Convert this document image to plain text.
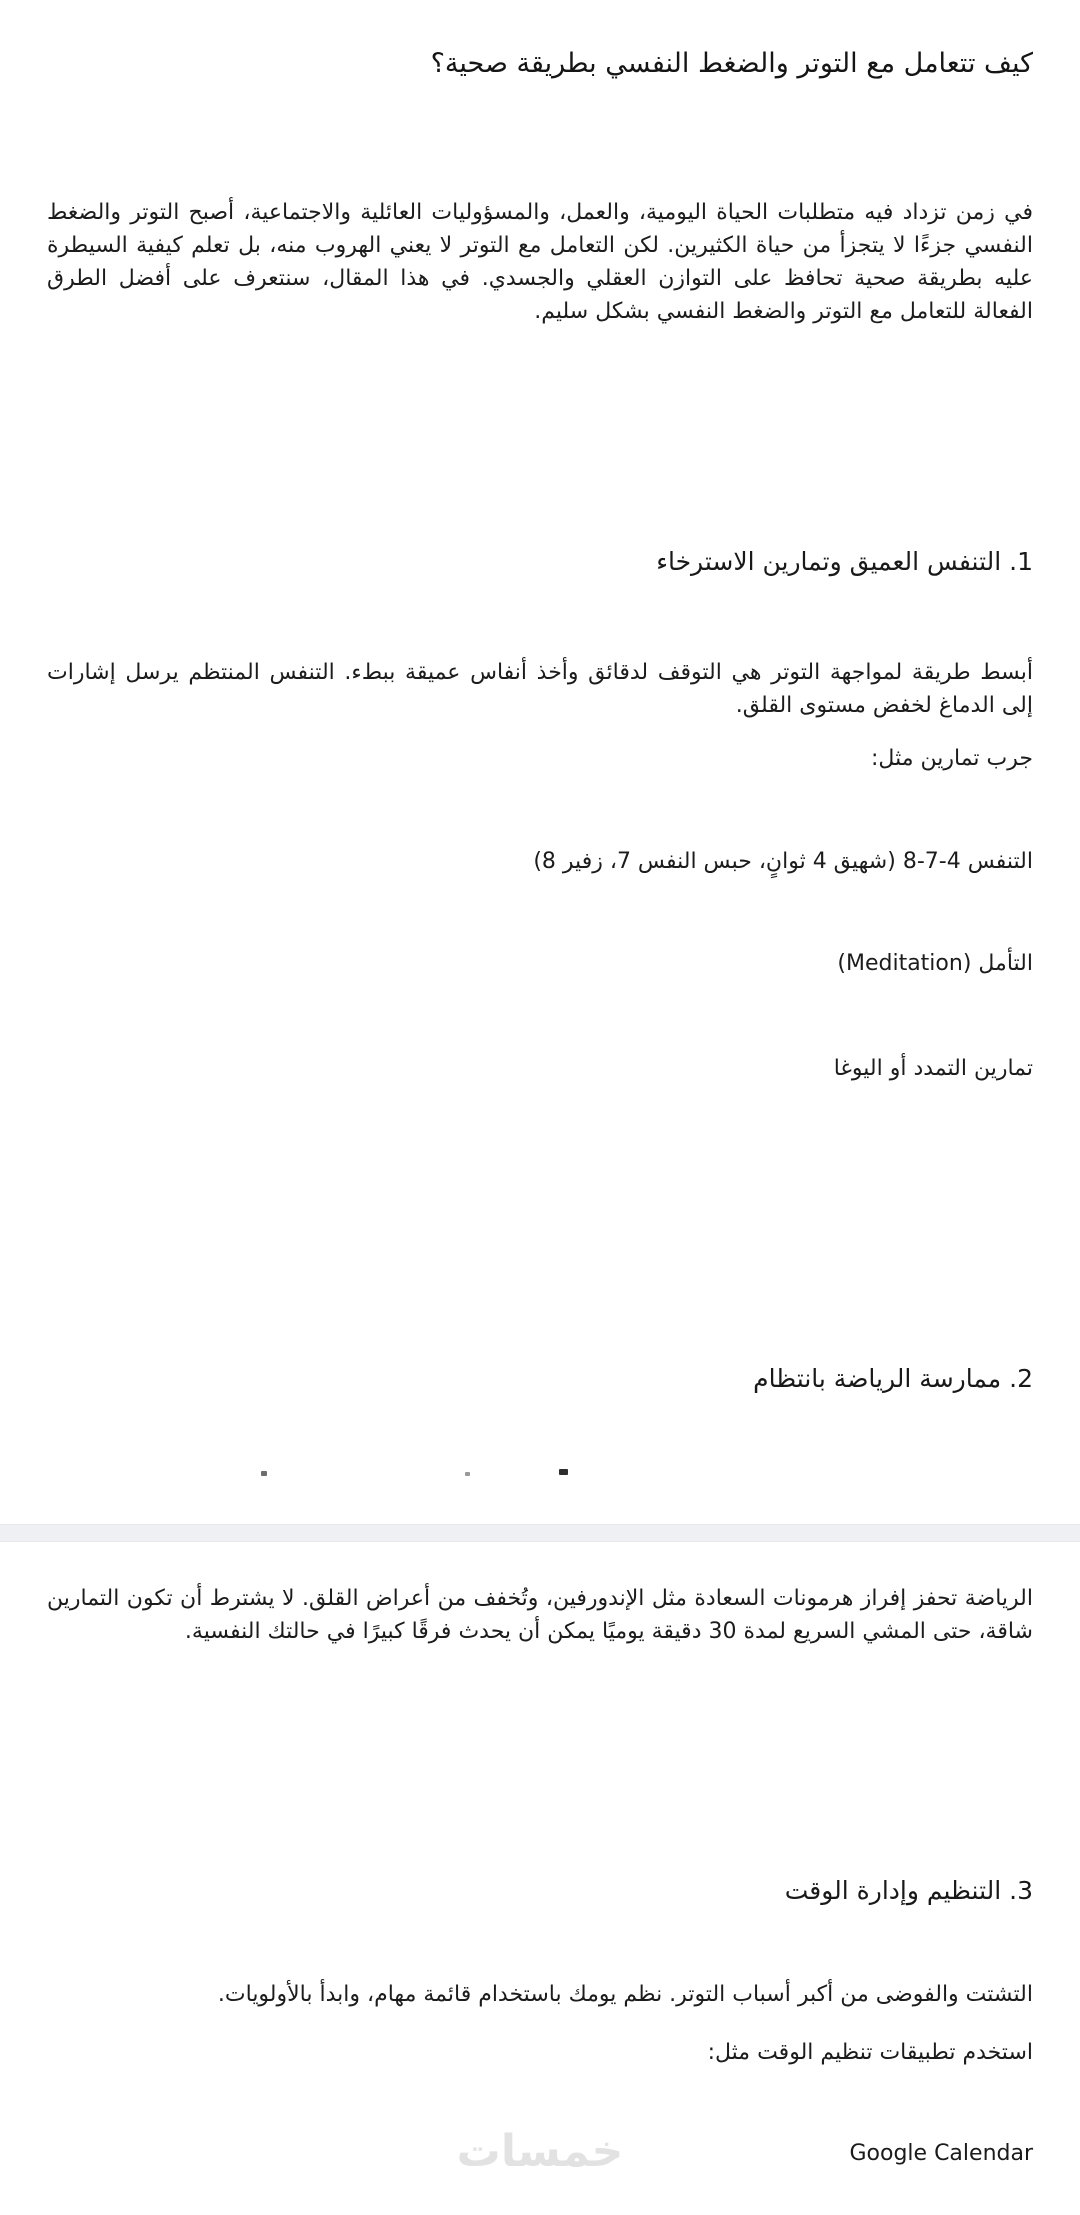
كيف تتعامل مع التوتر والضغط النفسي بطريقة صحية؟
في زمن تزداد فيه متطلبات الحياة اليومية، والعمل، والمسؤوليات العائلية والاجتماعية، أصبح التوتر والضغط النفسي جزءًا لا يتجزأ من حياة الكثيرين. لكن التعامل مع التوتر لا يعني الهروب منه، بل تعلم كيفية السيطرة عليه بطريقة صحية تحافظ على التوازن العقلي والجسدي. في هذا المقال، سنتعرف على أفضل الطرق الفعالة للتعامل مع التوتر والضغط النفسي بشكل سليم.
1. التنفس العميق وتمارين الاسترخاء
أبسط طريقة لمواجهة التوتر هي التوقف لدقائق وأخذ أنفاس عميقة ببطء. التنفس المنتظم يرسل إشارات إلى الدماغ لخفض مستوى القلق.
جرب تمارين مثل:
التنفس 4-7-8 (شهيق 4 ثوانٍ، حبس النفس 7، زفير 8)
التأمل (Meditation)
تمارين التمدد أو اليوغا
2. ممارسة الرياضة بانتظام
الرياضة تحفز إفراز هرمونات السعادة مثل الإندورفين، وتُخفف من أعراض القلق. لا يشترط أن تكون التمارين شاقة، حتى المشي السريع لمدة 30 دقيقة يوميًا يمكن أن يحدث فرقًا كبيرًا في حالتك النفسية.
3. التنظيم وإدارة الوقت
التشتت والفوضى من أكبر أسباب التوتر. نظم يومك باستخدام قائمة مهام، وابدأ بالأولويات.
استخدم تطبيقات تنظيم الوقت مثل:
خمسات	Google Calendar
